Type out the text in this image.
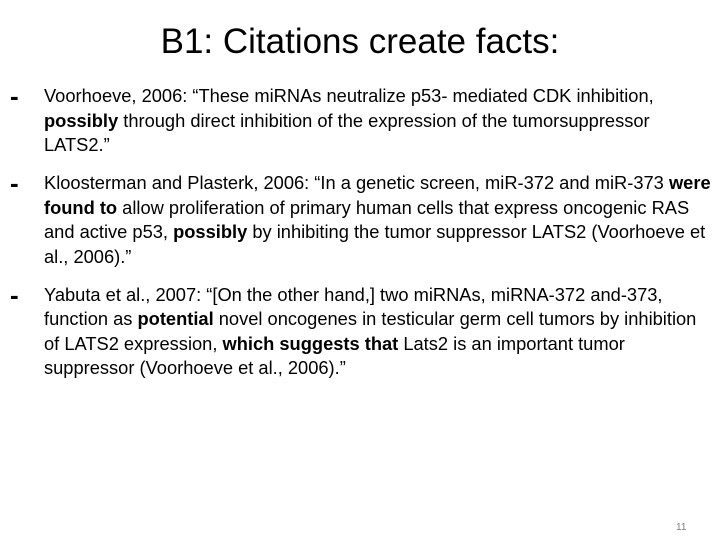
B1: Citations create facts:
- Voorhoeve, 2006: “These miRNAs neutralize p53- mediated CDK inhibition, possibly through direct inhibition of the expression of the tumorsuppressor LATS2.”
- Kloosterman and Plasterk, 2006: “In a genetic screen, miR-372 and miR-373 were found to allow proliferation of primary human cells that express oncogenic RAS and active p53, possibly by inhibiting the tumor suppressor LATS2 (Voorhoeve et al., 2006).”
- Yabuta et al., 2007: “[On the other hand,] two miRNAs, miRNA-372 and-373, function as potential novel oncogenes in testicular germ cell tumors by inhibition of LATS2 expression, which suggests that Lats2 is an important tumor suppressor (Voorhoeve et al., 2006).”
11
